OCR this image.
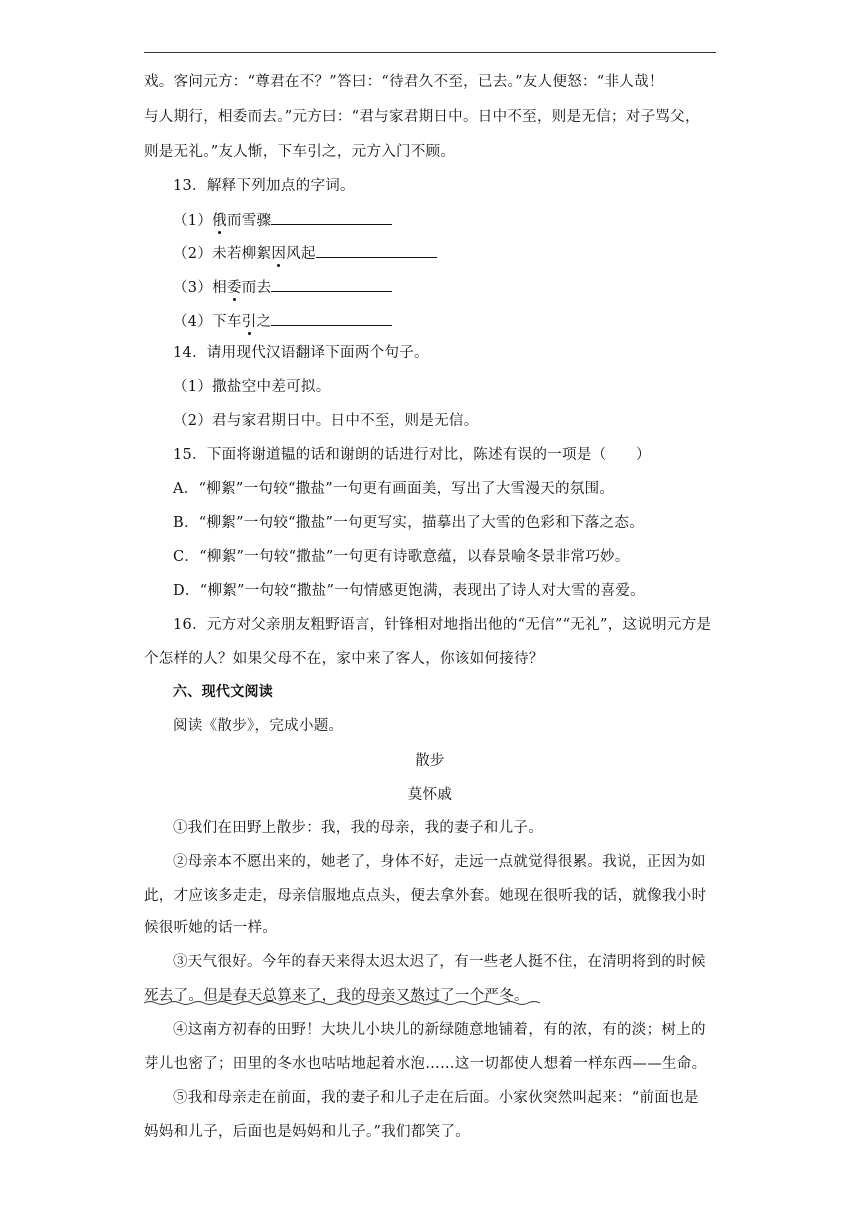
戏。客问元方：“尊君在不？”答曰：“待君久不至，已去。”友人便怒：“非人哉！
与人期行，相委而去。”元方曰：“君与家君期日中。日中不至，则是无信；对子骂父，
则是无礼。”友人惭，下车引之，元方入门不顾。
13．解释下列加点的字词。
（1）俄而雪骤
（2）未若柳絮因风起
（3）相委而去
（4）下车引之
14．请用现代汉语翻译下面两个句子。
（1）撒盐空中差可拟。
（2）君与家君期日中。日中不至，则是无信。
15．下面将谢道韫的话和谢朗的话进行对比，陈述有误的一项是（　　）
A．“柳絮”一句较“撒盐”一句更有画面美，写出了大雪漫天的氛围。
B．“柳絮”一句较“撒盐”一句更写实，描摹出了大雪的色彩和下落之态。
C．“柳絮”一句较“撒盐”一句更有诗歌意蕴，以春景喻冬景非常巧妙。
D．“柳絮”一句较“撒盐”一句情感更饱满，表现出了诗人对大雪的喜爱。
16．元方对父亲朋友粗野语言，针锋相对地指出他的“无信”“无礼”，这说明元方是
个怎样的人？如果父母不在，家中来了客人，你该如何接待？
六、现代文阅读
阅读《散步》，完成小题。
散步
莫怀戚
①我们在田野上散步：我，我的母亲，我的妻子和儿子。
②母亲本不愿出来的，她老了，身体不好，走远一点就觉得很累。我说，正因为如
此，才应该多走走，母亲信服地点点头，便去拿外套。她现在很听我的话，就像我小时
候很听她的话一样。
③天气很好。今年的春天来得太迟太迟了，有一些老人挺不住，在清明将到的时候
死去了。但是春天总算来了，我的母亲又熬过了一个严冬。
④这南方初春的田野！大块儿小块儿的新绿随意地铺着，有的浓，有的淡；树上的
芽儿也密了；田里的冬水也咕咕地起着水泡……这一切都使人想着一样东西——生命。
⑤我和母亲走在前面，我的妻子和儿子走在后面。小家伙突然叫起来：“前面也是
妈妈和儿子，后面也是妈妈和儿子。”我们都笑了。
